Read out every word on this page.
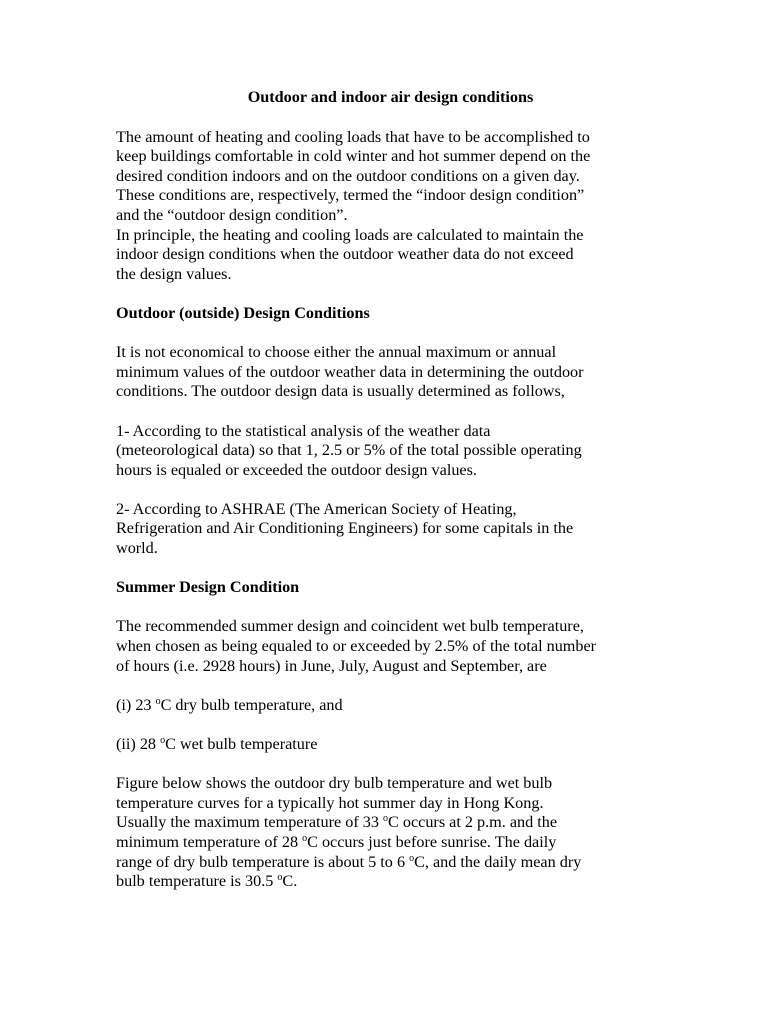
Outdoor and indoor air design conditions
The amount of heating and cooling loads that have to be accomplished to
keep buildings comfortable in cold winter and hot summer depend on the
desired condition indoors and on the outdoor conditions on a given day.
These conditions are, respectively, termed the “indoor design condition”
and the “outdoor design condition”.
In principle, the heating and cooling loads are calculated to maintain the
indoor design conditions when the outdoor weather data do not exceed
the design values.
Outdoor (outside) Design Conditions
It is not economical to choose either the annual maximum or annual
minimum values of the outdoor weather data in determining the outdoor
conditions. The outdoor design data is usually determined as follows,
1- According to the statistical analysis of the weather data
(meteorological data) so that 1, 2.5 or 5% of the total possible operating
hours is equaled or exceeded the outdoor design values.
2- According to ASHRAE (The American Society of Heating,
Refrigeration and Air Conditioning Engineers) for some capitals in the
world.
Summer Design Condition
The recommended summer design and coincident wet bulb temperature,
when chosen as being equaled to or exceeded by 2.5% of the total number
of hours (i.e. 2928 hours) in June, July, August and September, are
(i) 23 $^o$C dry bulb temperature, and
(ii) 28 $^o$C wet bulb temperature
Figure below shows the outdoor dry bulb temperature and wet bulb
temperature curves for a typically hot summer day in Hong Kong.
Usually the maximum temperature of 33 $^o$C occurs at 2 p.m. and the
minimum temperature of 28 $^o$C occurs just before sunrise. The daily
range of dry bulb temperature is about 5 to 6 $^o$C, and the daily mean dry
bulb temperature is 30.5 $^o$C.
